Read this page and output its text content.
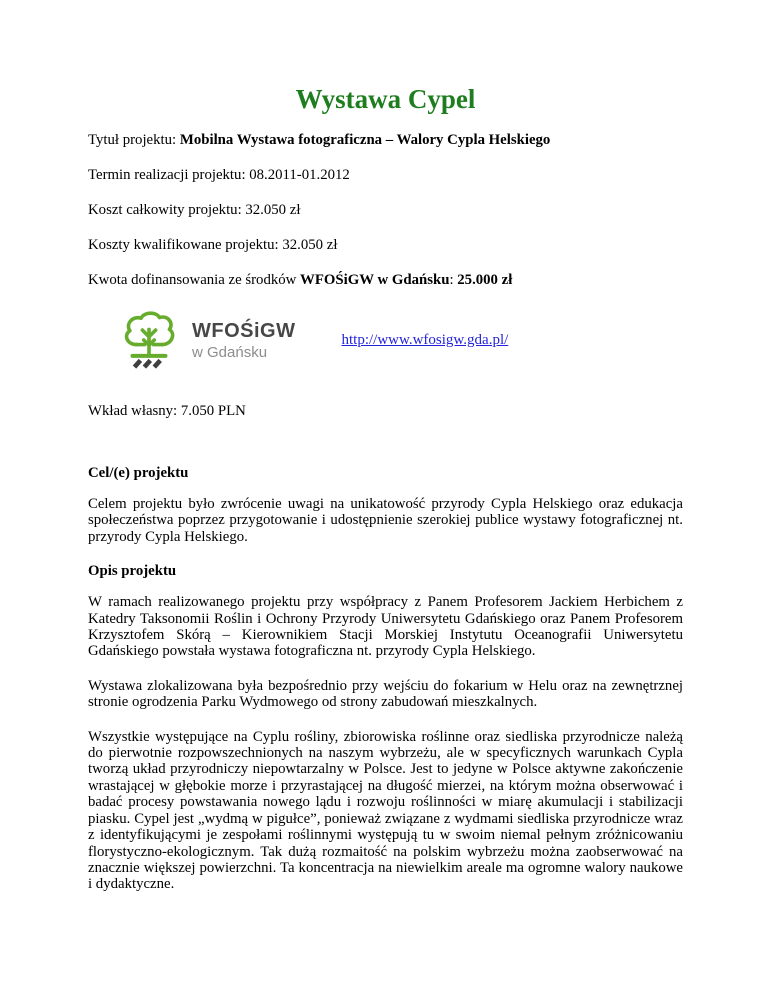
Wystawa Cypel

Tytuł projektu: Mobilna Wystawa fotograficzna – Walory Cypla Helskiego

Termin realizacji projektu: 08.2011-01.2012

Koszt całkowity projektu: 32.050 zł

Koszty kwalifikowane projektu: 32.050 zł

Kwota dofinansowania ze środków WFOŚiGW w Gdańsku: 25.000 zł

WFOŚiGW
w Gdańsku
http://www.wfosigw.gda.pl/

Wkład własny: 7.050 PLN

Cel/(e) projektu

Celem projektu było zwrócenie uwagi na unikatowość przyrody Cypla Helskiego oraz edukacja społeczeństwa poprzez przygotowanie i udostępnienie szerokiej publice wystawy fotograficznej nt. przyrody Cypla Helskiego.

Opis projektu

W ramach realizowanego projektu przy współpracy z Panem Profesorem Jackiem Herbichem z Katedry Taksonomii Roślin i Ochrony Przyrody Uniwersytetu Gdańskiego oraz Panem Profesorem Krzysztofem Skórą – Kierownikiem Stacji Morskiej Instytutu Oceanografii Uniwersytetu Gdańskiego powstała wystawa fotograficzna nt. przyrody Cypla Helskiego.

Wystawa zlokalizowana była bezpośrednio przy wejściu do fokarium w Helu oraz na zewnętrznej stronie ogrodzenia Parku Wydmowego od strony zabudowań mieszkalnych.

Wszystkie występujące na Cyplu rośliny, zbiorowiska roślinne oraz siedliska przyrodnicze należą do pierwotnie rozpowszechnionych na naszym wybrzeżu, ale w specyficznych warunkach Cypla tworzą układ przyrodniczy niepowtarzalny w Polsce. Jest to jedyne w Polsce aktywne zakończenie wrastającej w głębokie morze i przyrastającej na długość mierzei, na którym można obserwować i badać procesy powstawania nowego lądu i rozwoju roślinności w miarę akumulacji i stabilizacji piasku. Cypel jest „wydmą w pigułce”, ponieważ związane z wydmami siedliska przyrodnicze wraz z identyfikującymi je zespołami roślinnymi występują tu w swoim niemal pełnym zróżnicowaniu florystyczno-ekologicznym. Tak dużą rozmaitość na polskim wybrzeżu można zaobserwować na znacznie większej powierzchni. Ta koncentracja na niewielkim areale ma ogromne walory naukowe i dydaktyczne.
